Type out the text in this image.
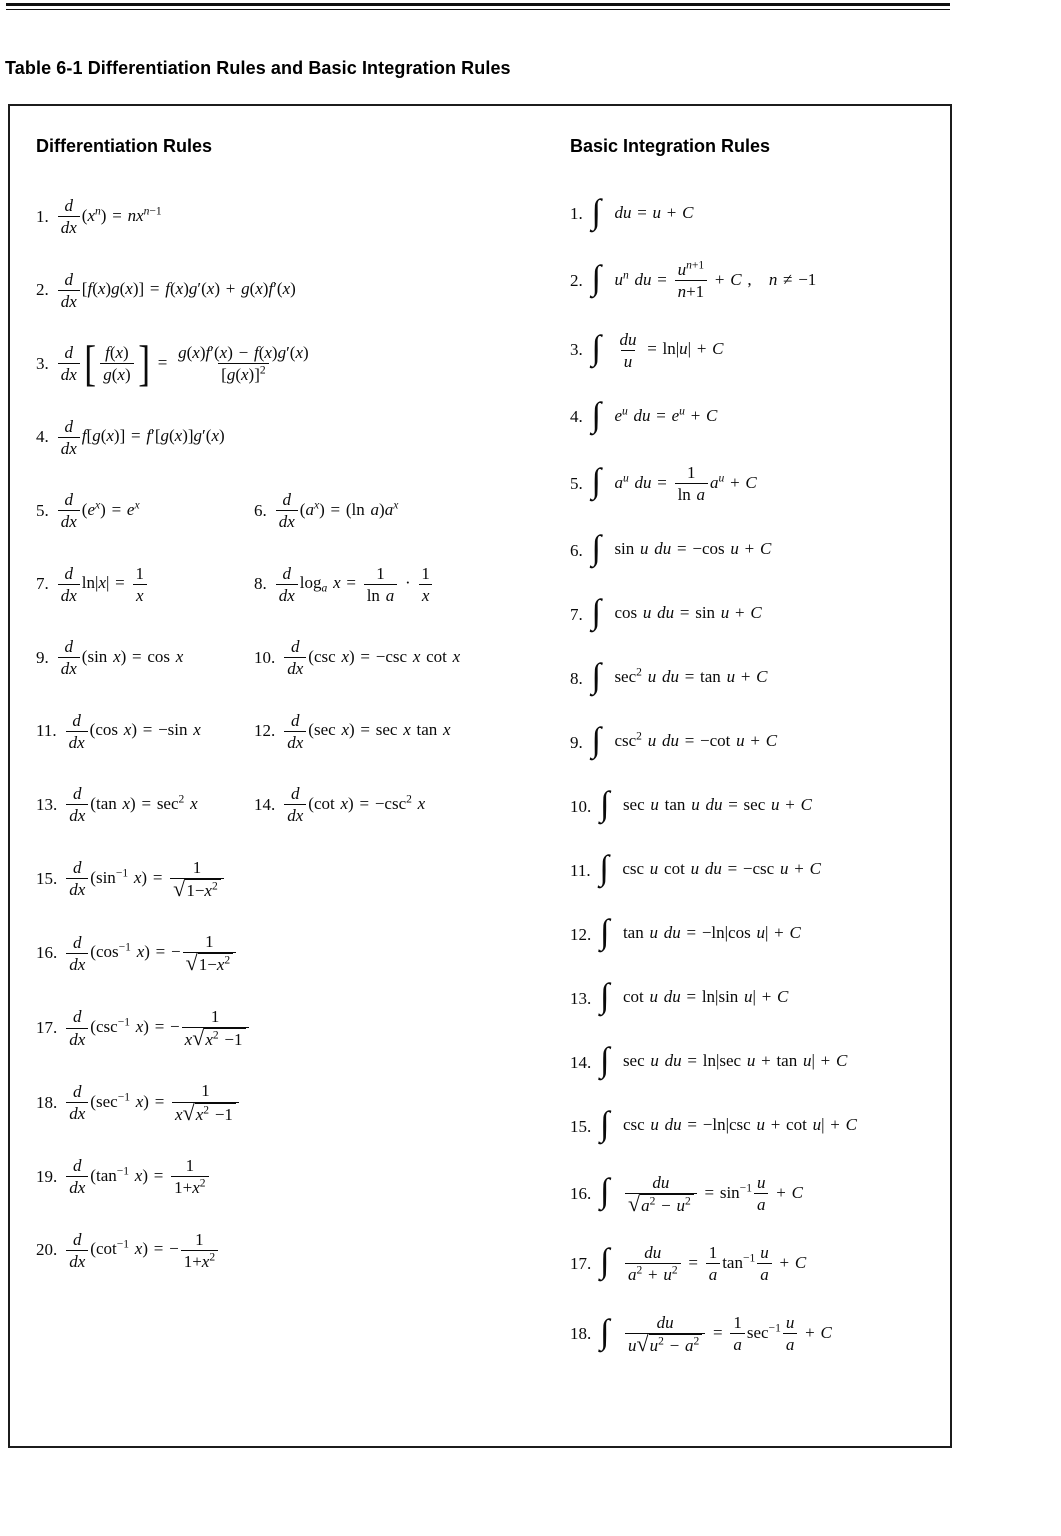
Table 6-1 Differentiation Rules and Basic Integration Rules
Differentiation Rules
1. $\frac{d}{dx} (x^n) = nx^{n-1}$
2. $\frac{d}{dx} [f(x)g(x)] = f(x)g'(x) + g(x)f'(x)$
3. $\frac{d}{dx}$ [ $\frac{f(x)}{g(x)}$ ] = $\frac{g(x)f'(x) - f(x)g'(x)}{[g(x)]^2}$
4. $\frac{d}{dx} f[g(x)] = f'[g(x)]g'(x)$
5. $\frac{d}{dx} (e^x) = e^x$	6. $\frac{d}{dx} (a^x) = (\ln$ $a)a^x$
7. $\frac{d}{dx} \ln|x| = \frac{1}{x}$	8. $\frac{d}{dx} \log_a x = \frac{1}{\text{ln a}} \cdot \frac{1}{x}$
9. $\frac{d}{dx} (\sin$ x) = cos x	10. $\frac{d}{dx} (\csc$ x) = −csc x cot x
11. $\frac{d}{dx} (\cos$ x) = −sin x	12. $\frac{d}{dx} (\sec$ x) = sec x tan x
13. $\frac{d}{dx} (\tan$ $x) = \sec^2 x$	14. $\frac{d}{dx} (\cot$ $x) = -\csc^2$ x
15. $\frac{d}{dx} (\sin^{-1}$ $x) = \frac{1}{√ 1-x^2}$
16. $\frac{d}{dx} (\cos^{-1}$ x) = − $\frac{1}{√ 1-x^2}$
17. $\frac{d}{dx} (\csc^{-1}$ x) = − $\frac{1}{x √ x^2 -1}$
18. $\frac{d}{dx} (\sec^{-1}$ $x) = \frac{1}{x √ x^2 -1}$
19. $\frac{d}{dx} (\tan^{-1}$ $x) = \frac{1}{1+x^2}$
20. $\frac{d}{dx} (\cot^{-1}$ x) = − $\frac{1}{1+x^2}$
Basic Integration Rules
1. ∫ du = u + C
2. ∫ $u^n$ du = $\frac{u^{n+1}}{n+1} + C$ , n ≠ −1
3. ∫ $\frac{du}{u} = \ln|u| + C$
4. ∫ $e^u$ du = $e^u + C$
5. ∫ $a^u$ du = $\frac{1}{\text{ln a}} a^u + C$
6. ∫ sin u du = −cos u + C
7. ∫ cos u du = sin u + C
8. ∫ $\sec^2 u$ du = tan u + C
9. ∫ $\csc^2 u$ du = −cot u + C
10. ∫ sec u tan u du = sec u + C
11. ∫ csc u cot u du = −csc u + C
12. ∫ tan u du = −ln|cos u| + C
13. ∫ cot u du = ln|sin u| + C
14. ∫ sec u du = ln|sec u + tan u| + C
15. ∫ csc u du = −ln|csc u + cot u| + C
16. ∫ $\frac{du}{√ a^2 - u^2} = \sin^{-1} \frac{u}{a} + C$
17. ∫ $\frac{du}{a^2 + u^2} = \frac{1}{a} \tan^{-1} \frac{u}{a} + C$
18. ∫ $\frac{du}{u √ u^2 - a^2} = \frac{1}{a} \sec^{-1} \frac{u}{a} + C$
